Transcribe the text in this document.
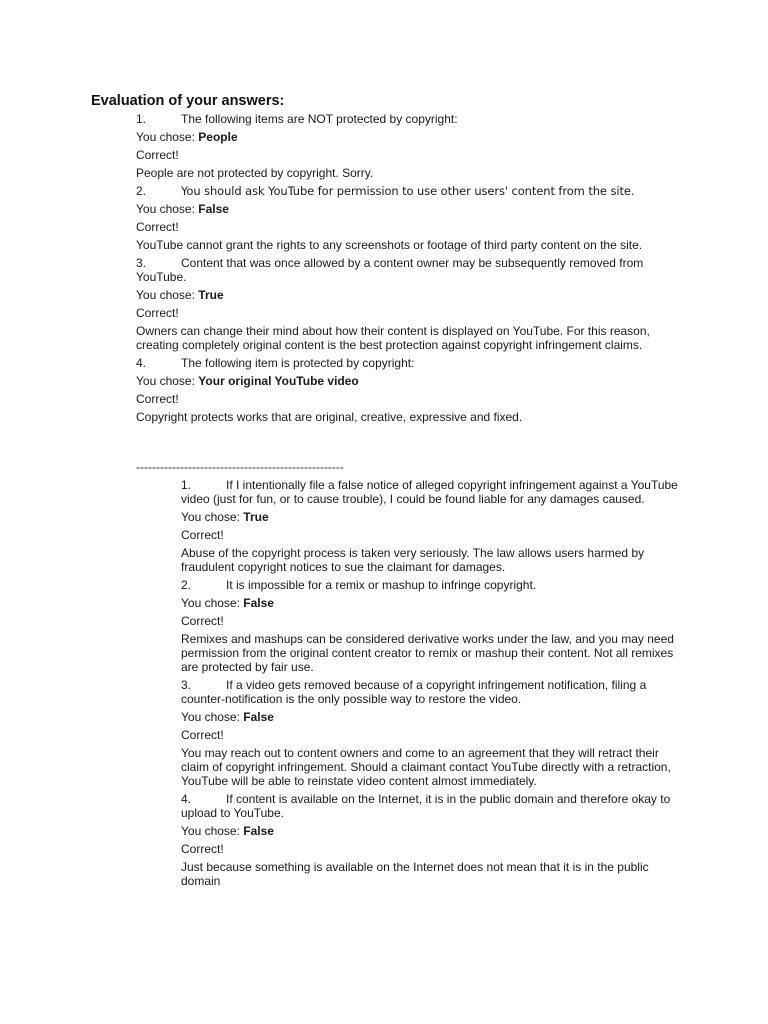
Evaluation of your answers:

1.	The following items are NOT protected by copyright:

You chose: People

Correct!

People are not protected by copyright. Sorry.

2.	You should ask YouTube for permission to use other users' content from the site.

You chose: False

Correct!

YouTube cannot grant the rights to any screenshots or footage of third party content on the site.

3.	Content that was once allowed by a content owner may be subsequently removed from YouTube.

You chose: True

Correct!

Owners can change their mind about how their content is displayed on YouTube. For this reason, creating completely original content is the best protection against copyright infringement claims.

4.	The following item is protected by copyright:

You chose: Your original YouTube video

Correct!

Copyright protects works that are original, creative, expressive and fixed.

----------------------------------------------------

1.	If I intentionally file a false notice of alleged copyright infringement against a YouTube video (just for fun, or to cause trouble), I could be found liable for any damages caused.

You chose: True

Correct!

Abuse of the copyright process is taken very seriously. The law allows users harmed by fraudulent copyright notices to sue the claimant for damages.

2.	It is impossible for a remix or mashup to infringe copyright.

You chose: False

Correct!

Remixes and mashups can be considered derivative works under the law, and you may need permission from the original content creator to remix or mashup their content. Not all remixes are protected by fair use.

3.	If a video gets removed because of a copyright infringement notification, filing a counter-notification is the only possible way to restore the video.

You chose: False

Correct!

You may reach out to content owners and come to an agreement that they will retract their claim of copyright infringement. Should a claimant contact YouTube directly with a retraction, YouTube will be able to reinstate video content almost immediately.

4.	If content is available on the Internet, it is in the public domain and therefore okay to upload to YouTube.

You chose: False

Correct!

Just because something is available on the Internet does not mean that it is in the public domain
